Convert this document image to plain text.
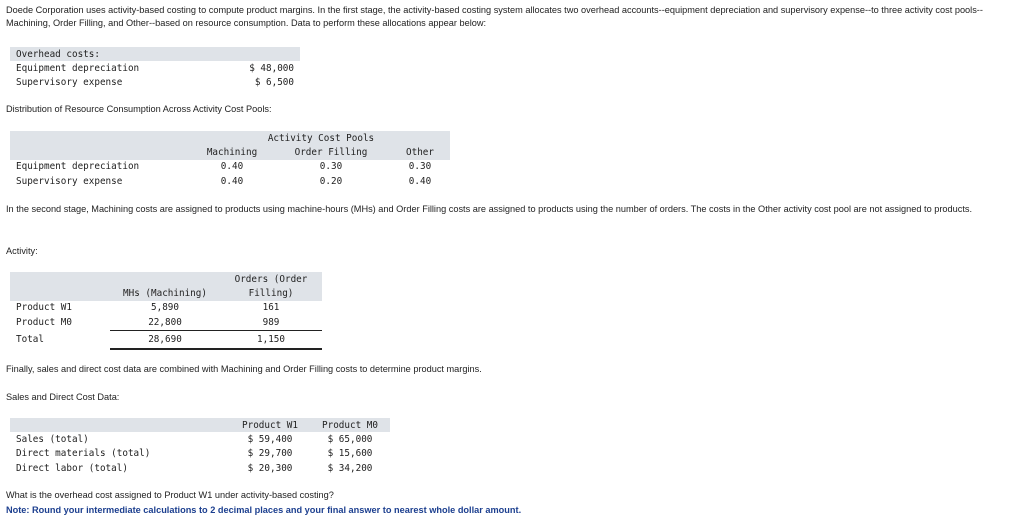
Doede Corporation uses activity-based costing to compute product margins. In the first stage, the activity-based costing system allocates two overhead accounts--equipment depreciation and supervisory expense--to three activity cost pools--Machining, Order Filling, and Other--based on resource consumption. Data to perform these allocations appear below:
Overhead costs:	
Equipment depreciation	$ 48,000
Supervisory expense	$ 6,500
Distribution of Resource Consumption Across Activity Cost Pools:
	Activity Cost Pools		
	Machining	Order Filling	Other
Equipment depreciation	0.40	0.30	0.30
Supervisory expense	0.40	0.20	0.40
In the second stage, Machining costs are assigned to products using machine-hours (MHs) and Order Filling costs are assigned to products using the number of orders. The costs in the Other activity cost pool are not assigned to products.
Activity:
		Orders (Order
	MHs (Machining)	Filling)
Product W1	5,890	161
Product M0	22,800	989
Total	28,690	1,150
Finally, sales and direct cost data are combined with Machining and Order Filling costs to determine product margins.
Sales and Direct Cost Data:
	Product W1	Product M0
Sales (total)	$ 59,400	$ 65,000
Direct materials (total)	$ 29,700	$ 15,600
Direct labor (total)	$ 20,300	$ 34,200
What is the overhead cost assigned to Product W1 under activity-based costing?
Note: Round your intermediate calculations to 2 decimal places and your final answer to nearest whole dollar amount.
